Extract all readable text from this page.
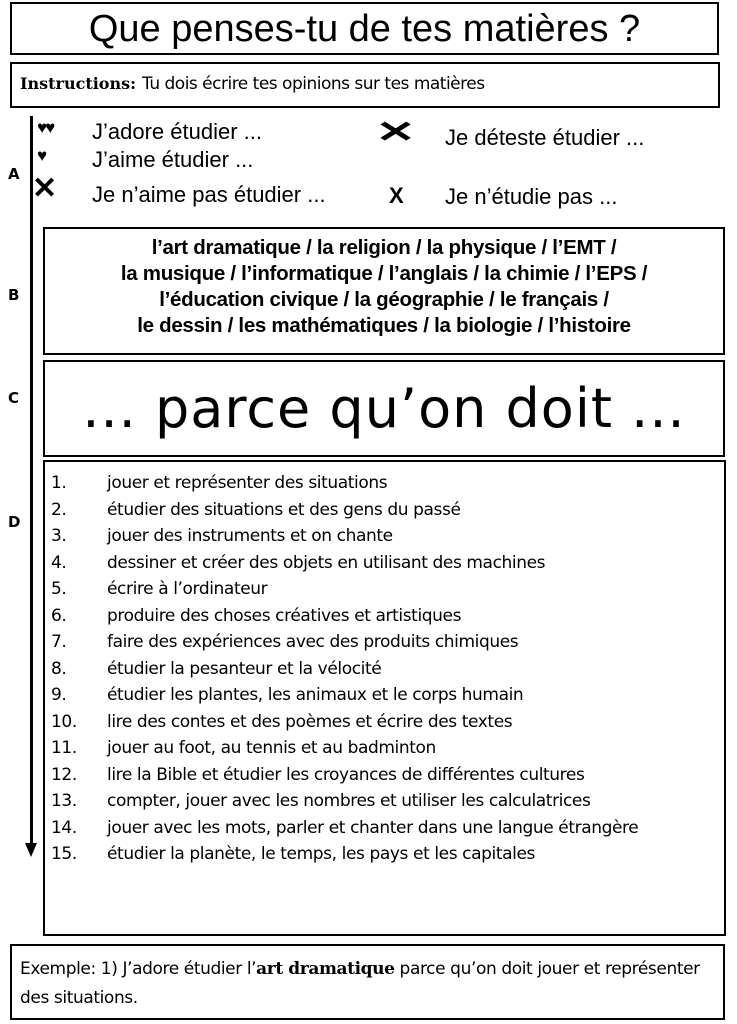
Que penses-tu de tes matières ?
Instructions: Tu dois écrire tes opinions sur tes matières
A
B
C
D
♥♥ J’adore étudier ...
♥ J’aime étudier ...
✕ Je n’aime pas étudier ...
✕ Je déteste étudier ...
X Je n’étudie pas ...
l’art dramatique / la religion / la physique / l’EMT /
la musique / l’informatique / l’anglais / la chimie / l’EPS /
l’éducation civique / la géographie / le français /
le dessin / les mathématiques / la biologie / l’histoire
... parce qu’on doit ...
1. jouer et représenter des situations
2. étudier des situations et des gens du passé
3. jouer des instruments et on chante
4. dessiner et créer des objets en utilisant des machines
5. écrire à l’ordinateur
6. produire des choses créatives et artistiques
7. faire des expériences avec des produits chimiques
8. étudier la pesanteur et la vélocité
9. étudier les plantes, les animaux et le corps humain
10. lire des contes et des poèmes et écrire des textes
11. jouer au foot, au tennis et au badminton
12. lire la Bible et étudier les croyances de différentes cultures
13. compter, jouer avec les nombres et utiliser les calculatrices
14. jouer avec les mots, parler et chanter dans une langue étrangère
15. étudier la planète, le temps, les pays et les capitales
Exemple: 1) J’adore étudier l’art dramatique parce qu’on doit jouer et représenter des situations.
